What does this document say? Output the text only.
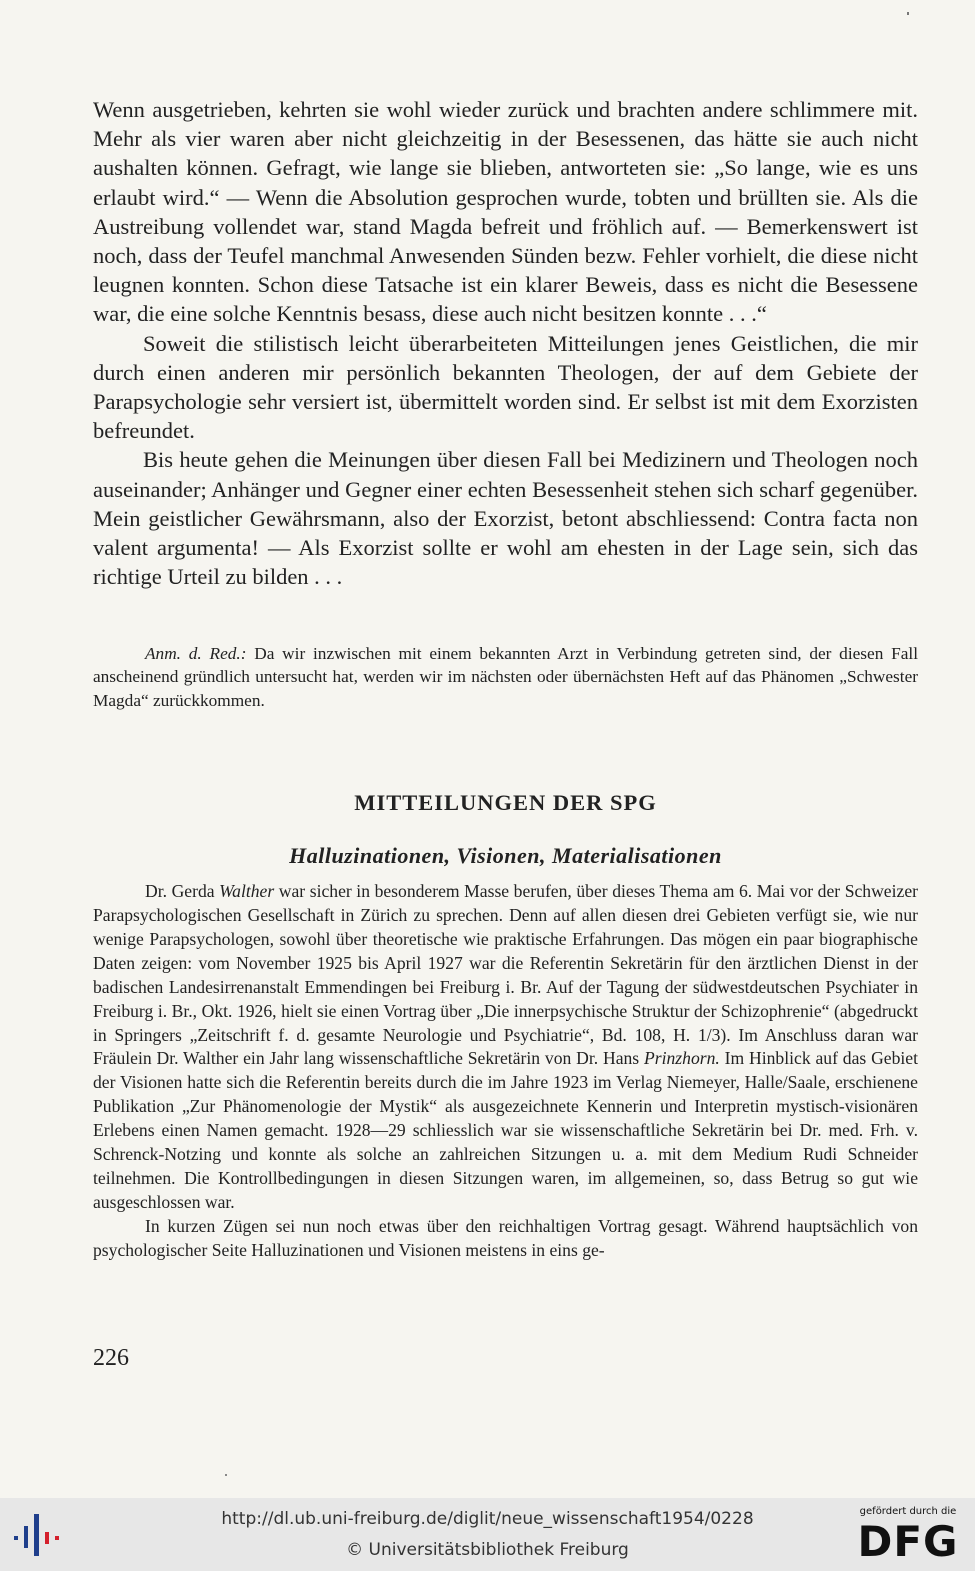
Wenn ausgetrieben, kehrten sie wohl wieder zurück und brachten andere schlimmere mit. Mehr als vier waren aber nicht gleichzeitig in der Besessenen, das hätte sie auch nicht aushalten können. Gefragt, wie lange sie blieben, antworteten sie: „So lange, wie es uns erlaubt wird.“ — Wenn die Absolution gesprochen wurde, tobten und brüllten sie. Als die Austreibung vollendet war, stand Magda befreit und fröhlich auf. — Bemerkenswert ist noch, dass der Teufel manchmal Anwesenden Sünden bezw. Fehler vorhielt, die diese nicht leugnen konnten. Schon diese Tatsache ist ein klarer Beweis, dass es nicht die Besessene war, die eine solche Kenntnis besass, diese auch nicht besitzen konnte . . .“

Soweit die stilistisch leicht überarbeiteten Mitteilungen jenes Geistlichen, die mir durch einen anderen mir persönlich bekannten Theologen, der auf dem Gebiete der Parapsychologie sehr versiert ist, übermittelt worden sind. Er selbst ist mit dem Exorzisten befreundet.

Bis heute gehen die Meinungen über diesen Fall bei Medizinern und Theologen noch auseinander; Anhänger und Gegner einer echten Besessenheit stehen sich scharf gegenüber. Mein geistlicher Gewährsmann, also der Exorzist, betont abschliessend: Contra facta non valent argumenta! — Als Exorzist sollte er wohl am ehesten in der Lage sein, sich das richtige Urteil zu bilden . . .

Anm. d. Red.: Da wir inzwischen mit einem bekannten Arzt in Verbindung getreten sind, der diesen Fall anscheinend gründlich untersucht hat, werden wir im nächsten oder übernächsten Heft auf das Phänomen „Schwester Magda“ zurückkommen.

MITTEILUNGEN DER SPG
Halluzinationen, Visionen, Materialisationen

Dr. Gerda Walther war sicher in besonderem Masse berufen, über dieses Thema am 6. Mai vor der Schweizer Parapsychologischen Gesellschaft in Zürich zu sprechen. Denn auf allen diesen drei Gebieten verfügt sie, wie nur wenige Parapsychologen, sowohl über theoretische wie praktische Erfahrungen. Das mögen ein paar biographische Daten zeigen: vom November 1925 bis April 1927 war die Referentin Sekretärin für den ärztlichen Dienst in der badischen Landesirrenanstalt Emmendingen bei Freiburg i. Br. Auf der Tagung der südwestdeutschen Psychiater in Freiburg i. Br., Okt. 1926, hielt sie einen Vortrag über „Die innerpsychische Struktur der Schizophrenie“ (abgedruckt in Springers „Zeitschrift f. d. gesamte Neurologie und Psychiatrie“, Bd. 108, H. 1/3). Im Anschluss daran war Fräulein Dr. Walther ein Jahr lang wissenschaftliche Sekretärin von Dr. Hans Prinzhorn. Im Hinblick auf das Gebiet der Visionen hatte sich die Referentin bereits durch die im Jahre 1923 im Verlag Niemeyer, Halle/Saale, erschienene Publikation „Zur Phänomenologie der Mystik“ als ausgezeichnete Kennerin und Interpretin mystisch-visionären Erlebens einen Namen gemacht. 1928—29 schliesslich war sie wissenschaftliche Sekretärin bei Dr. med. Frh. v. Schrenck-Notzing und konnte als solche an zahlreichen Sitzungen u. a. mit dem Medium Rudi Schneider teilnehmen. Die Kontrollbedingungen in diesen Sitzungen waren, im allgemeinen, so, dass Betrug so gut wie ausgeschlossen war.

In kurzen Zügen sei nun noch etwas über den reichhaltigen Vortrag gesagt. Während hauptsächlich von psychologischer Seite Halluzinationen und Visionen meistens in eins ge-

226

http://dl.ub.uni-freiburg.de/diglit/neue_wissenschaft1954/0228

© Universitätsbibliothek Freiburg

gefördert durch die

DFG
